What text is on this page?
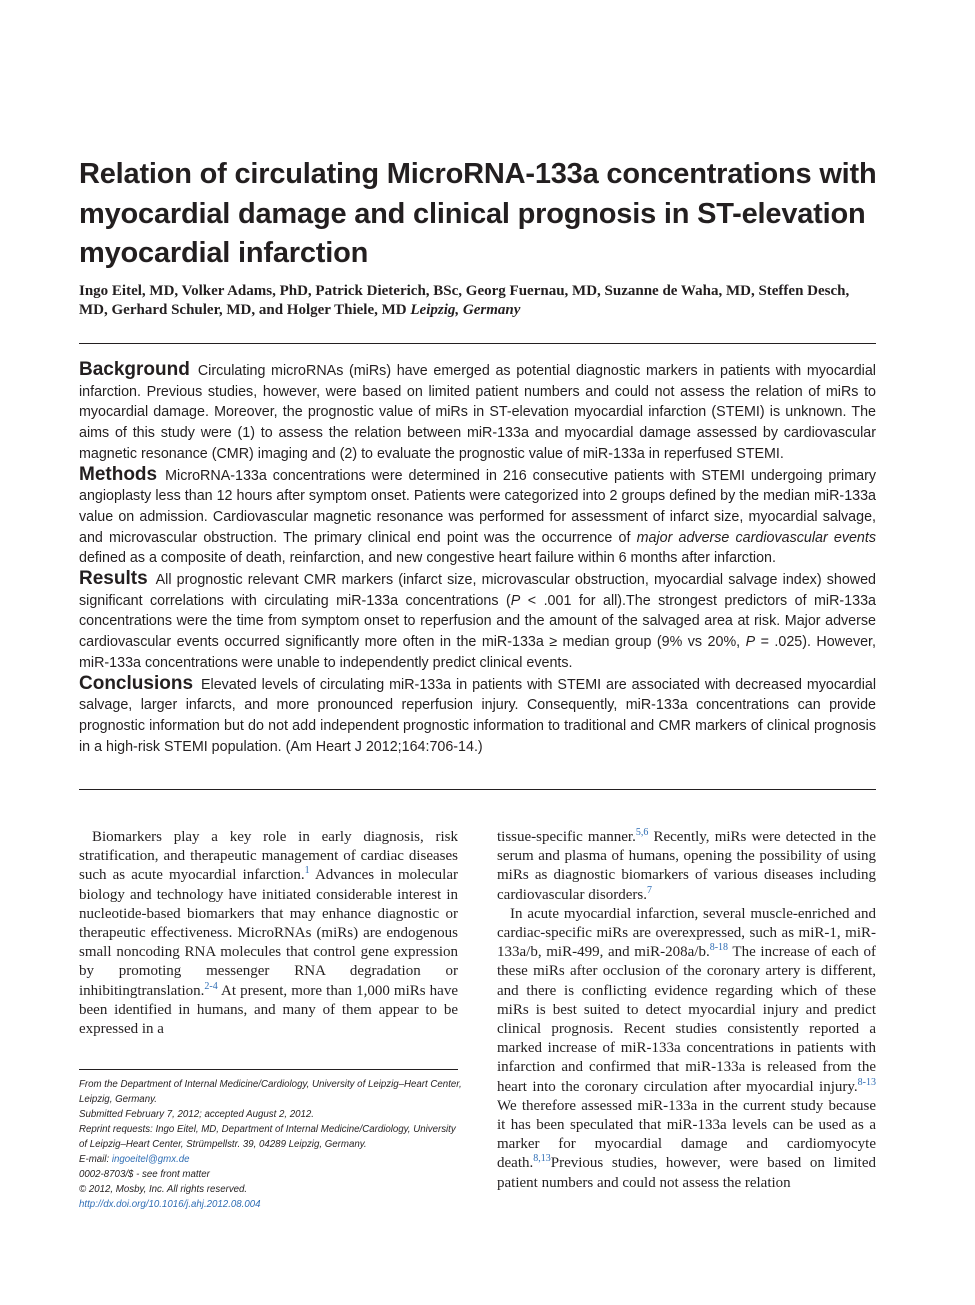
Relation of circulating MicroRNA-133a concentrations with myocardial damage and clinical prognosis in ST-elevation myocardial infarction
Ingo Eitel, MD, Volker Adams, PhD, Patrick Dieterich, BSc, Georg Fuernau, MD, Suzanne de Waha, MD, Steffen Desch, MD, Gerhard Schuler, MD, and Holger Thiele, MD Leipzig, Germany
Background Circulating microRNAs (miRs) have emerged as potential diagnostic markers in patients with myocardial infarction. Previous studies, however, were based on limited patient numbers and could not assess the relation of miRs to myocardial damage. Moreover, the prognostic value of miRs in ST-elevation myocardial infarction (STEMI) is unknown. The aims of this study were (1) to assess the relation between miR-133a and myocardial damage assessed by cardiovascular magnetic resonance (CMR) imaging and (2) to evaluate the prognostic value of miR-133a in reperfused STEMI.
Methods MicroRNA-133a concentrations were determined in 216 consecutive patients with STEMI undergoing primary angioplasty less than 12 hours after symptom onset. Patients were categorized into 2 groups defined by the median miR-133a value on admission. Cardiovascular magnetic resonance was performed for assessment of infarct size, myocardial salvage, and microvascular obstruction. The primary clinical end point was the occurrence of major adverse cardiovascular events defined as a composite of death, reinfarction, and new congestive heart failure within 6 months after infarction.
Results All prognostic relevant CMR markers (infarct size, microvascular obstruction, myocardial salvage index) showed significant correlations with circulating miR-133a concentrations (P < .001 for all).The strongest predictors of miR-133a concentrations were the time from symptom onset to reperfusion and the amount of the salvaged area at risk. Major adverse cardiovascular events occurred significantly more often in the miR-133a ≥ median group (9% vs 20%, P = .025). However, miR-133a concentrations were unable to independently predict clinical events.
Conclusions Elevated levels of circulating miR-133a in patients with STEMI are associated with decreased myocardial salvage, larger infarcts, and more pronounced reperfusion injury. Consequently, miR-133a concentrations can provide prognostic information but do not add independent prognostic information to traditional and CMR markers of clinical prognosis in a high-risk STEMI population. (Am Heart J 2012;164:706-14.)

Biomarkers play a key role in early diagnosis, risk stratification, and therapeutic management of cardiac diseases such as acute myocardial infarction.$^1$ Advances in molecular biology and technology have initiated considerable interest in nucleotide-based biomarkers that may enhance diagnostic or therapeutic effectiveness. MicroRNAs (miRs) are endogenous small noncoding RNA molecules that control gene expression by promoting messenger RNA degradation or inhibitingtranslation.$^{2-4}$ At present, more than 1,000 miRs have been identified in humans, and many of them appear to be expressed in a

tissue-specific manner.$^{5,6}$ Recently, miRs were detected in the serum and plasma of humans, opening the possibility of using miRs as diagnostic biomarkers of various diseases including cardiovascular disorders.$^7$

In acute myocardial infarction, several muscle-enriched and cardiac-specific miRs are overexpressed, such as miR-1, miR-133a/b, miR-499, and miR-208a/b.$^{8-18}$ The increase of each of these miRs after occlusion of the coronary artery is different, and there is conflicting evidence regarding which of these miRs is best suited to detect myocardial injury and predict clinical prognosis. Recent studies consistently reported a marked increase of miR-133a concentrations in patients with infarction and confirmed that miR-133a is released from the heart into the coronary circulation after myocardial injury.$^{8-13}$ We therefore assessed miR-133a in the current study because it has been speculated that miR-133a levels can be used as a marker for myocardial damage and cardiomyocyte death.$^{8,13}$Previous studies, however, were based on limited patient numbers and could not assess the relation

From the Department of Internal Medicine/Cardiology, University of Leipzig–Heart Center, Leipzig, Germany.
Submitted February 7, 2012; accepted August 2, 2012.
Reprint requests: Ingo Eitel, MD, Department of Internal Medicine/Cardiology, University of Leipzig–Heart Center, Strümpellstr. 39, 04289 Leipzig, Germany.
E-mail: ingoeitel@gmx.de
0002-8703/$ - see front matter
© 2012, Mosby, Inc. All rights reserved.
http://dx.doi.org/10.1016/j.ahj.2012.08.004
